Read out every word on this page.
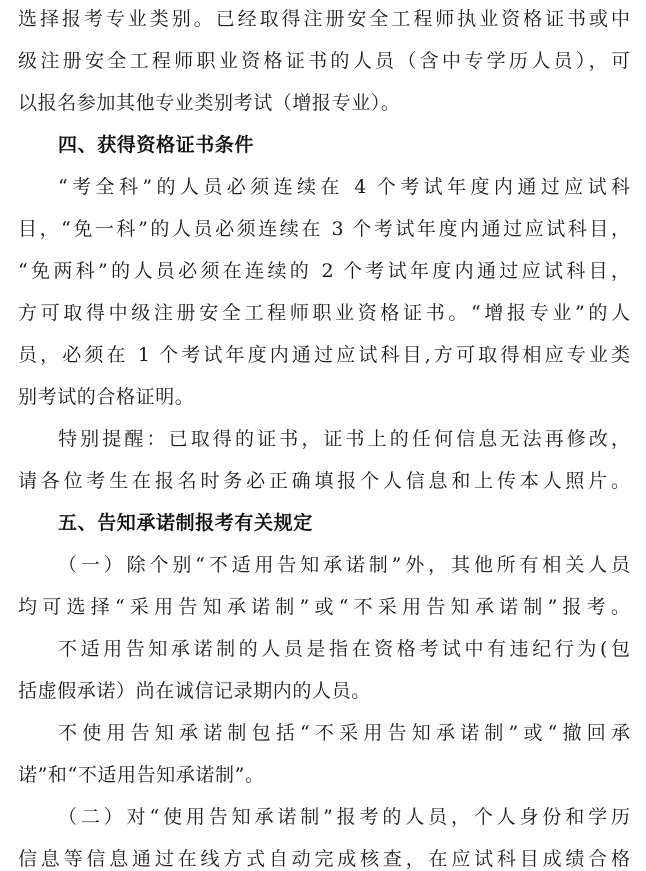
选择报考专业类别。已经取得注册安全工程师执业资格证书或中
级注册安全工程师职业资格证书的人员（含中专学历人员），可
以报名参加其他专业类别考试（增报专业）。
四、获得资格证书条件
“考全科”的人员必须连续在 4 个考试年度内通过应试科
目，“免一科”的人员必须连续在 3 个考试年度内通过应试科目，
“免两科”的人员必须在连续的 2 个考试年度内通过应试科目，
方可取得中级注册安全工程师职业资格证书。“增报专业”的人
员，必须在 1 个考试年度内通过应试科目,方可取得相应专业类
别考试的合格证明。
特别提醒：已取得的证书，证书上的任何信息无法再修改，
请各位考生在报名时务必正确填报个人信息和上传本人照片。
五、告知承诺制报考有关规定
（一）除个别“不适用告知承诺制”外，其他所有相关人员
均可选择“采用告知承诺制”或“不采用告知承诺制”报考。
不适用告知承诺制的人员是指在资格考试中有违纪行为(包
括虚假承诺）尚在诚信记录期内的人员。
不使用告知承诺制包括“不采用告知承诺制”或“撤回承
诺”和“不适用告知承诺制”。
（二）对“使用告知承诺制”报考的人员，个人身份和学历
信息等信息通过在线方式自动完成核查，在应试科目成绩合格
